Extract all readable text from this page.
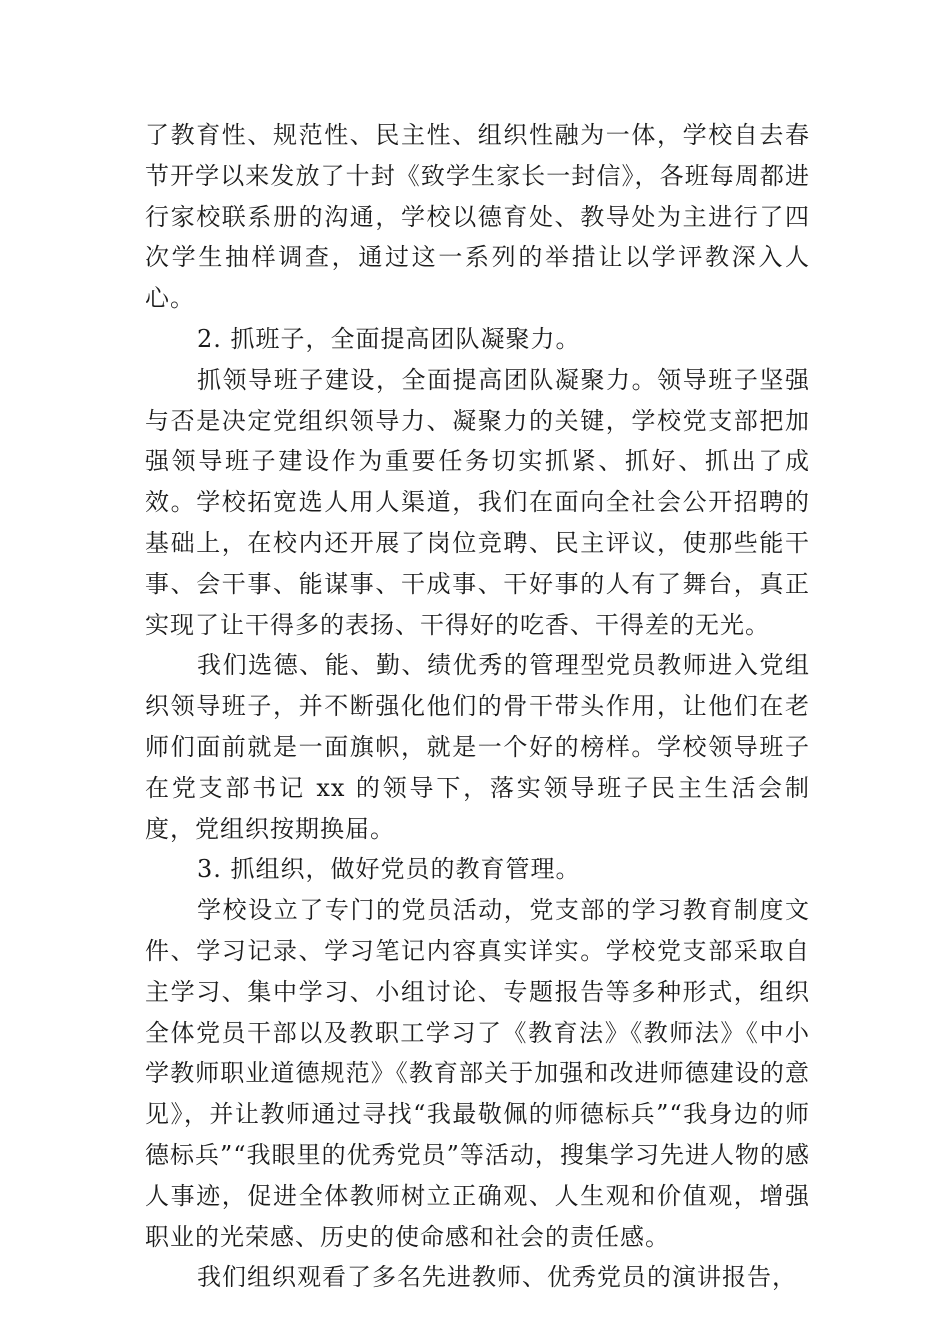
了教育性、规范性、民主性、组织性融为一体，学校自去春节开学以来发放了十封《致学生家长一封信》，各班每周都进行家校联系册的沟通，学校以德育处、教导处为主进行了四次学生抽样调查，通过这一系列的举措让以学评教深入人心。

2. 抓班子，全面提高团队凝聚力。

抓领导班子建设，全面提高团队凝聚力。领导班子坚强与否是决定党组织领导力、凝聚力的关键，学校党支部把加强领导班子建设作为重要任务切实抓紧、抓好、抓出了成效。学校拓宽选人用人渠道，我们在面向全社会公开招聘的基础上，在校内还开展了岗位竞聘、民主评议，使那些能干事、会干事、能谋事、干成事、干好事的人有了舞台，真正实现了让干得多的表扬、干得好的吃香、干得差的无光。

我们选德、能、勤、绩优秀的管理型党员教师进入党组织领导班子，并不断强化他们的骨干带头作用，让他们在老师们面前就是一面旗帜，就是一个好的榜样。学校领导班子在党支部书记 xx 的领导下，落实领导班子民主生活会制度，党组织按期换届。

3. 抓组织，做好党员的教育管理。

学校设立了专门的党员活动，党支部的学习教育制度文件、学习记录、学习笔记内容真实详实。学校党支部采取自主学习、集中学习、小组讨论、专题报告等多种形式，组织全体党员干部以及教职工学习了《教育法》《教师法》《中小学教师职业道德规范》《教育部关于加强和改进师德建设的意见》，并让教师通过寻找“我最敬佩的师德标兵”“我身边的师德标兵”“我眼里的优秀党员”等活动，搜集学习先进人物的感人事迹，促进全体教师树立正确观、人生观和价值观，增强职业的光荣感、历史的使命感和社会的责任感。

我们组织观看了多名先进教师、优秀党员的演讲报告，
